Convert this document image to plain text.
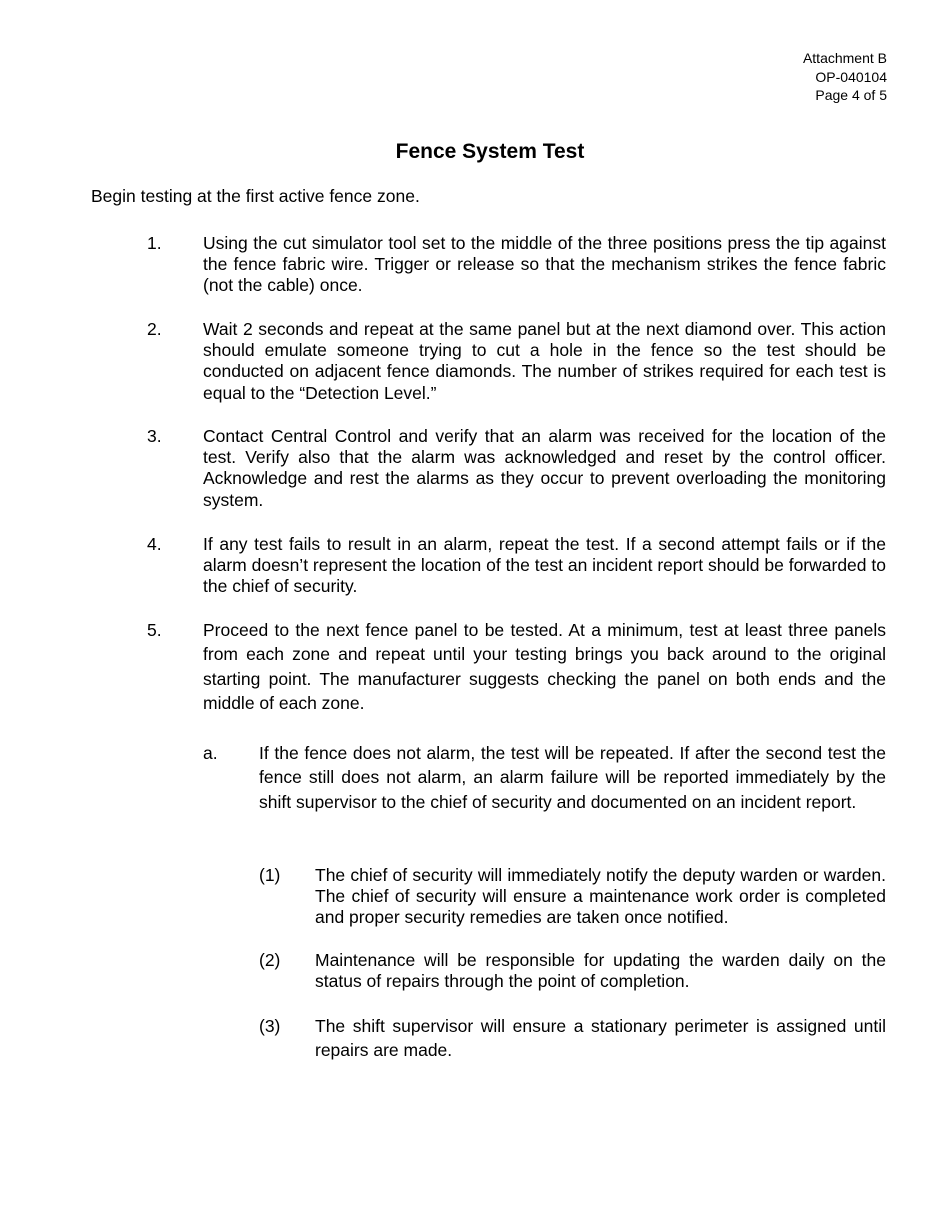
Attachment B
OP-040104
Page 4 of 5
Fence System Test
Begin testing at the first active fence zone.
1. Using the cut simulator tool set to the middle of the three positions press the tip against the fence fabric wire. Trigger or release so that the mechanism strikes the fence fabric (not the cable) once.
2. Wait 2 seconds and repeat at the same panel but at the next diamond over. This action should emulate someone trying to cut a hole in the fence so the test should be conducted on adjacent fence diamonds. The number of strikes required for each test is equal to the “Detection Level.”
3. Contact Central Control and verify that an alarm was received for the location of the test. Verify also that the alarm was acknowledged and reset by the control officer. Acknowledge and rest the alarms as they occur to prevent overloading the monitoring system.
4. If any test fails to result in an alarm, repeat the test. If a second attempt fails or if the alarm doesn’t represent the location of the test an incident report should be forwarded to the chief of security.
5. Proceed to the next fence panel to be tested. At a minimum, test at least three panels from each zone and repeat until your testing brings you back around to the original starting point. The manufacturer suggests checking the panel on both ends and the middle of each zone.
a. If the fence does not alarm, the test will be repeated. If after the second test the fence still does not alarm, an alarm failure will be reported immediately by the shift supervisor to the chief of security and documented on an incident report.
(1) The chief of security will immediately notify the deputy warden or warden. The chief of security will ensure a maintenance work order is completed and proper security remedies are taken once notified.
(2) Maintenance will be responsible for updating the warden daily on the status of repairs through the point of completion.
(3) The shift supervisor will ensure a stationary perimeter is assigned until repairs are made.
